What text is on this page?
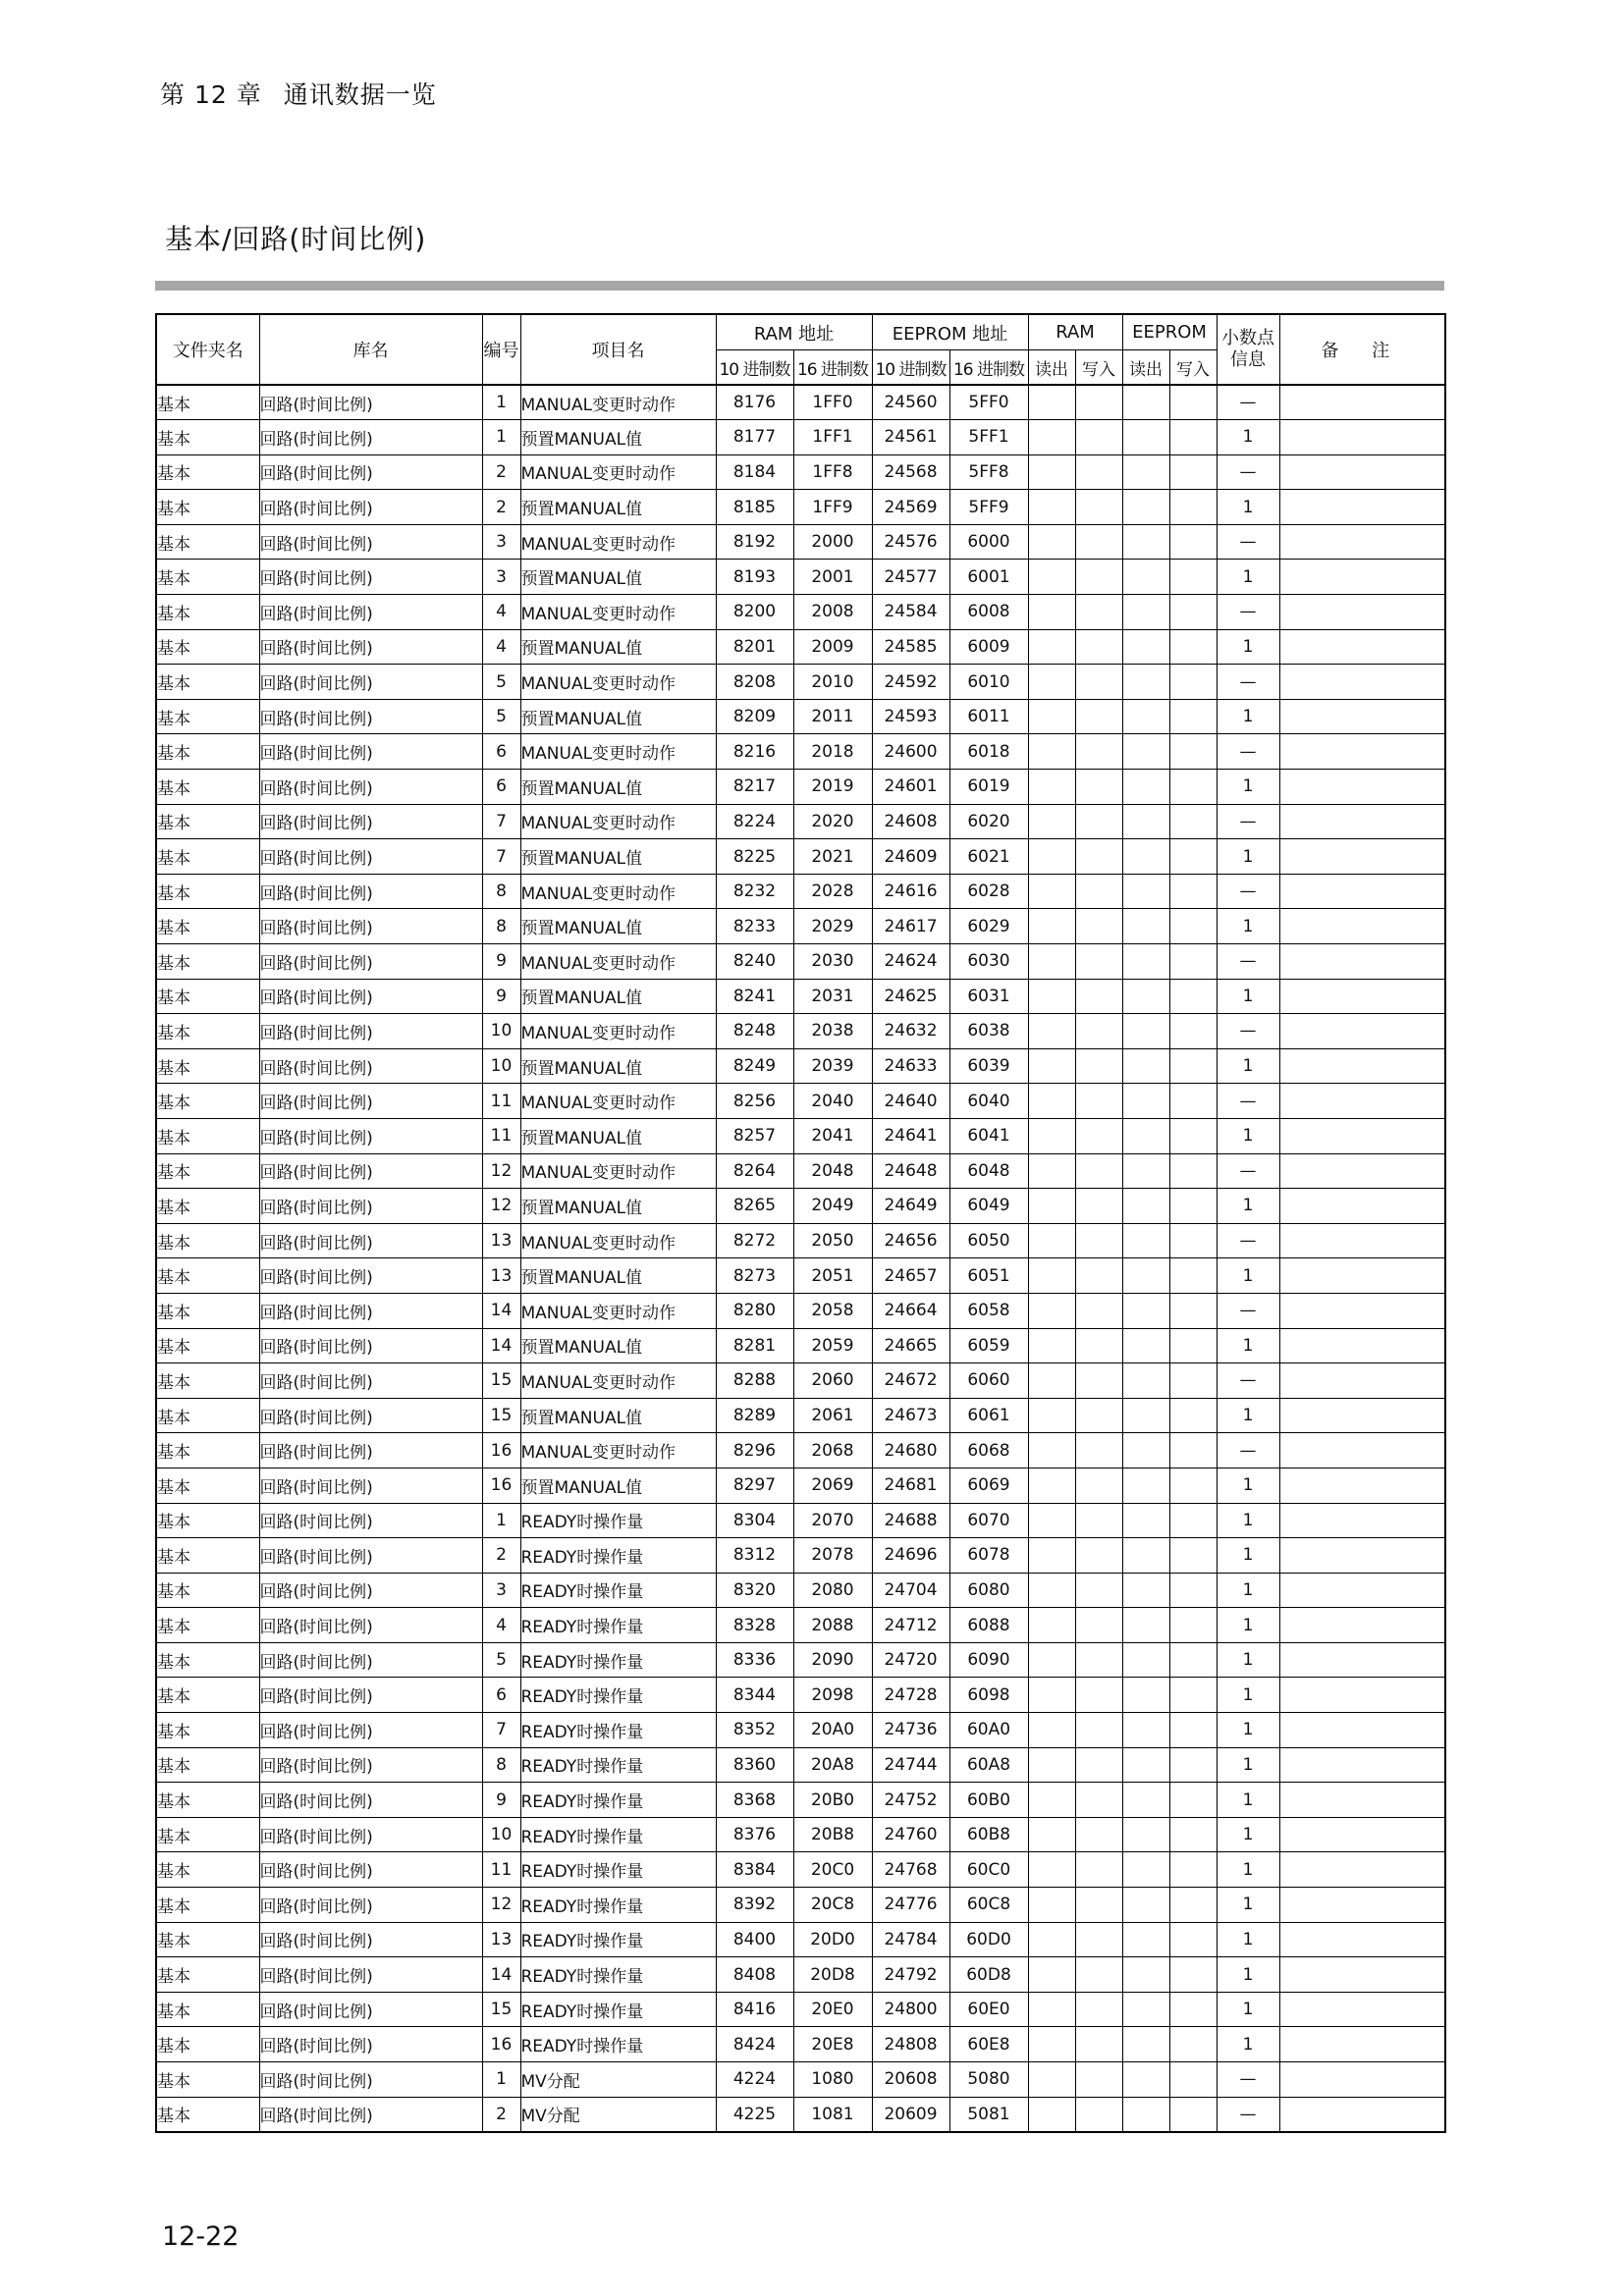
第 12 章 通讯数据一览
基本/回路(时间比例)
文件夹名	库名	编号	项目名	RAM 地址		EEPROM 地址		RAM		EEPROM		小数点
信息	备 注
				10 进制数	16 进制数	10 进制数	16 进制数	读出	写入	读出	写入		
基本	回路(时间比例)	1	MANUAL变更时动作	8176	1FF0	24560	5FF0					—	
基本	回路(时间比例)	1	预置MANUAL值	8177	1FF1	24561	5FF1					1	
基本	回路(时间比例)	2	MANUAL变更时动作	8184	1FF8	24568	5FF8					—	
基本	回路(时间比例)	2	预置MANUAL值	8185	1FF9	24569	5FF9					1	
基本	回路(时间比例)	3	MANUAL变更时动作	8192	2000	24576	6000					—	
基本	回路(时间比例)	3	预置MANUAL值	8193	2001	24577	6001					1	
基本	回路(时间比例)	4	MANUAL变更时动作	8200	2008	24584	6008					—	
基本	回路(时间比例)	4	预置MANUAL值	8201	2009	24585	6009					1	
基本	回路(时间比例)	5	MANUAL变更时动作	8208	2010	24592	6010					—	
基本	回路(时间比例)	5	预置MANUAL值	8209	2011	24593	6011					1	
基本	回路(时间比例)	6	MANUAL变更时动作	8216	2018	24600	6018					—	
基本	回路(时间比例)	6	预置MANUAL值	8217	2019	24601	6019					1	
基本	回路(时间比例)	7	MANUAL变更时动作	8224	2020	24608	6020					—	
基本	回路(时间比例)	7	预置MANUAL值	8225	2021	24609	6021					1	
基本	回路(时间比例)	8	MANUAL变更时动作	8232	2028	24616	6028					—	
基本	回路(时间比例)	8	预置MANUAL值	8233	2029	24617	6029					1	
基本	回路(时间比例)	9	MANUAL变更时动作	8240	2030	24624	6030					—	
基本	回路(时间比例)	9	预置MANUAL值	8241	2031	24625	6031					1	
基本	回路(时间比例)	10	MANUAL变更时动作	8248	2038	24632	6038					—	
基本	回路(时间比例)	10	预置MANUAL值	8249	2039	24633	6039					1	
基本	回路(时间比例)	11	MANUAL变更时动作	8256	2040	24640	6040					—	
基本	回路(时间比例)	11	预置MANUAL值	8257	2041	24641	6041					1	
基本	回路(时间比例)	12	MANUAL变更时动作	8264	2048	24648	6048					—	
基本	回路(时间比例)	12	预置MANUAL值	8265	2049	24649	6049					1	
基本	回路(时间比例)	13	MANUAL变更时动作	8272	2050	24656	6050					—	
基本	回路(时间比例)	13	预置MANUAL值	8273	2051	24657	6051					1	
基本	回路(时间比例)	14	MANUAL变更时动作	8280	2058	24664	6058					—	
基本	回路(时间比例)	14	预置MANUAL值	8281	2059	24665	6059					1	
基本	回路(时间比例)	15	MANUAL变更时动作	8288	2060	24672	6060					—	
基本	回路(时间比例)	15	预置MANUAL值	8289	2061	24673	6061					1	
基本	回路(时间比例)	16	MANUAL变更时动作	8296	2068	24680	6068					—	
基本	回路(时间比例)	16	预置MANUAL值	8297	2069	24681	6069					1	
基本	回路(时间比例)	1	READY时操作量	8304	2070	24688	6070					1	
基本	回路(时间比例)	2	READY时操作量	8312	2078	24696	6078					1	
基本	回路(时间比例)	3	READY时操作量	8320	2080	24704	6080					1	
基本	回路(时间比例)	4	READY时操作量	8328	2088	24712	6088					1	
基本	回路(时间比例)	5	READY时操作量	8336	2090	24720	6090					1	
基本	回路(时间比例)	6	READY时操作量	8344	2098	24728	6098					1	
基本	回路(时间比例)	7	READY时操作量	8352	20A0	24736	60A0					1	
基本	回路(时间比例)	8	READY时操作量	8360	20A8	24744	60A8					1	
基本	回路(时间比例)	9	READY时操作量	8368	20B0	24752	60B0					1	
基本	回路(时间比例)	10	READY时操作量	8376	20B8	24760	60B8					1	
基本	回路(时间比例)	11	READY时操作量	8384	20C0	24768	60C0					1	
基本	回路(时间比例)	12	READY时操作量	8392	20C8	24776	60C8					1	
基本	回路(时间比例)	13	READY时操作量	8400	20D0	24784	60D0					1	
基本	回路(时间比例)	14	READY时操作量	8408	20D8	24792	60D8					1	
基本	回路(时间比例)	15	READY时操作量	8416	20E0	24800	60E0					1	
基本	回路(时间比例)	16	READY时操作量	8424	20E8	24808	60E8					1	
基本	回路(时间比例)	1	MV分配	4224	1080	20608	5080					—	
基本	回路(时间比例)	2	MV分配	4225	1081	20609	5081					—	
12-22
